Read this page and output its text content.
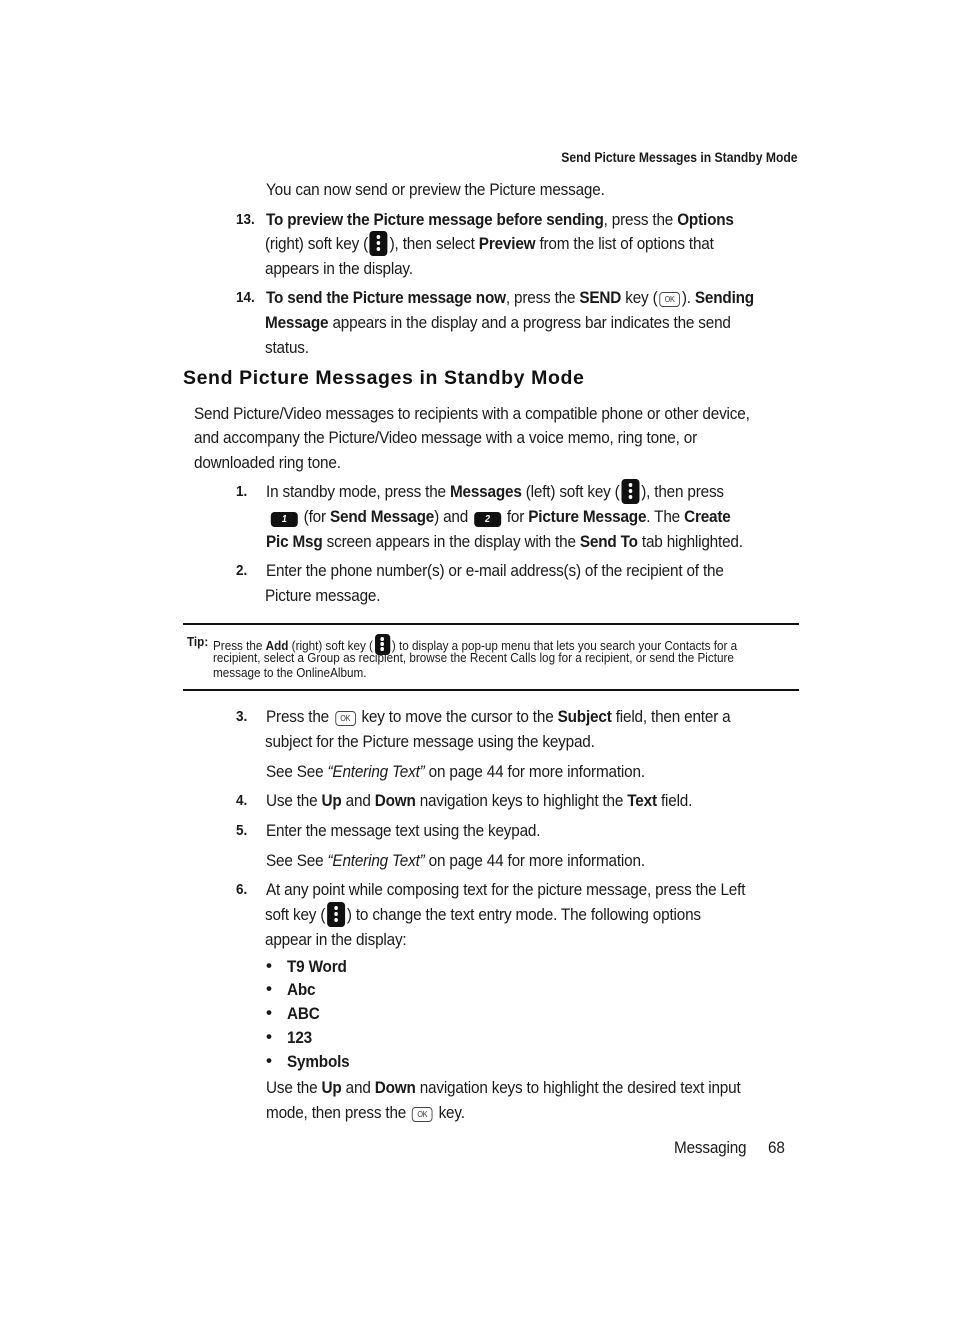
Send Picture Messages in Standby Mode
You can now send or preview the Picture message.
13. To preview the Picture message before sending, press the Options
(right) soft key ( ), then select Preview from the list of options that
appears in the display.
14. To send the Picture message now, press the SEND key ( OK ). Sending
Message appears in the display and a progress bar indicates the send
status.
Send Picture Messages in Standby Mode
Send Picture/Video messages to recipients with a compatible phone or other device,
and accompany the Picture/Video message with a voice memo, ring tone, or
downloaded ring tone.
1. In standby mode, press the Messages (left) soft key ( ), then press
1 (for Send Message) and 2 for Picture Message. The Create
Pic Msg screen appears in the display with the Send To tab highlighted.
2. Enter the phone number(s) or e-mail address(s) of the recipient of the
Picture message.
Tip: Press the Add (right) soft key ( ) to display a pop-up menu that lets you search your Contacts for a
recipient, select a Group as recipient, browse the Recent Calls log for a recipient, or send the Picture
message to the OnlineAlbum.
3. Press the OK key to move the cursor to the Subject field, then enter a
subject for the Picture message using the keypad.
See See “Entering Text” on page 44 for more information.
4. Use the Up and Down navigation keys to highlight the Text field.
5. Enter the message text using the keypad.
See See “Entering Text” on page 44 for more information.
6. At any point while composing text for the picture message, press the Left
soft key ( ) to change the text entry mode. The following options
appear in the display:
• T9 Word
• Abc
• ABC
• 123
• Symbols
Use the Up and Down navigation keys to highlight the desired text input
mode, then press the OK key.
Messaging 68
